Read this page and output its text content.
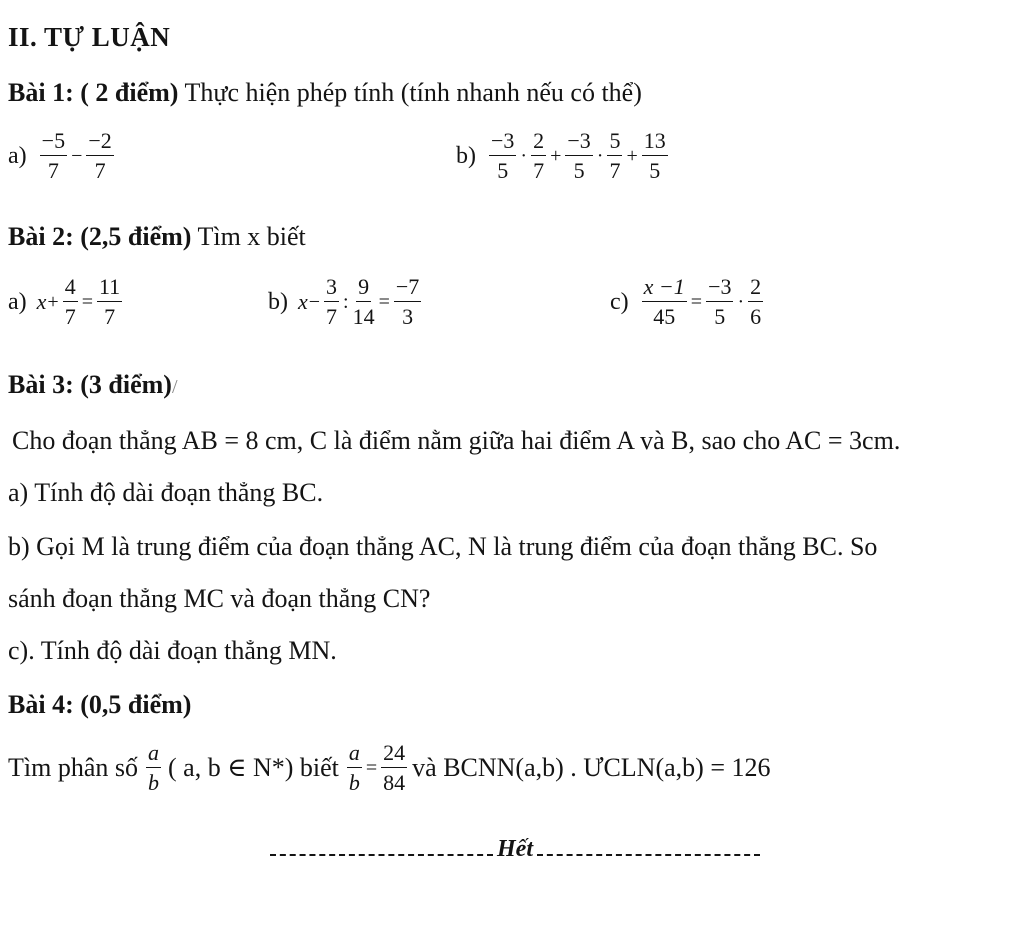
II. TỰ LUẬN
Bài 1: ( 2 điểm) Thực hiện phép tính (tính nhanh nếu có thể)
$a) \frac{-5}{7} - \frac{-2}{7}$	$b) \frac{-3}{5} \cdot \frac{2}{7} + \frac{-3}{5} \cdot \frac{5}{7} + \frac{13}{5}$
Bài 2: (2,5 điểm) Tìm x biết
a) $x + \frac{4}{7} = \frac{11}{7}$	b) $x - \frac{3}{7}$ : $\frac{9}{14} = \frac{-7}{3}$	$c) \frac{x -1}{45} = \frac{-3}{5} \cdot \frac{2}{6}$
Bài 3: (3 điểm)/
Cho đoạn thẳng AB = 8 cm, C là điểm nằm giữa hai điểm A và B, sao cho AC = 3cm.
a) Tính độ dài đoạn thẳng BC.
b) Gọi M là trung điểm của đoạn thẳng AC, N là trung điểm của đoạn thẳng BC. So
sánh đoạn thẳng MC và đoạn thẳng CN?
c). Tính độ dài đoạn thẳng MN.
Bài 4: (0,5 điểm)
Tìm phân số $\frac{a}{b}$ ( a, b ∈ N*) biết $\frac{a}{b} = \frac{24}{84}$ và BCNN(a,b) . ƯCLN(a,b) = 126
Hết
